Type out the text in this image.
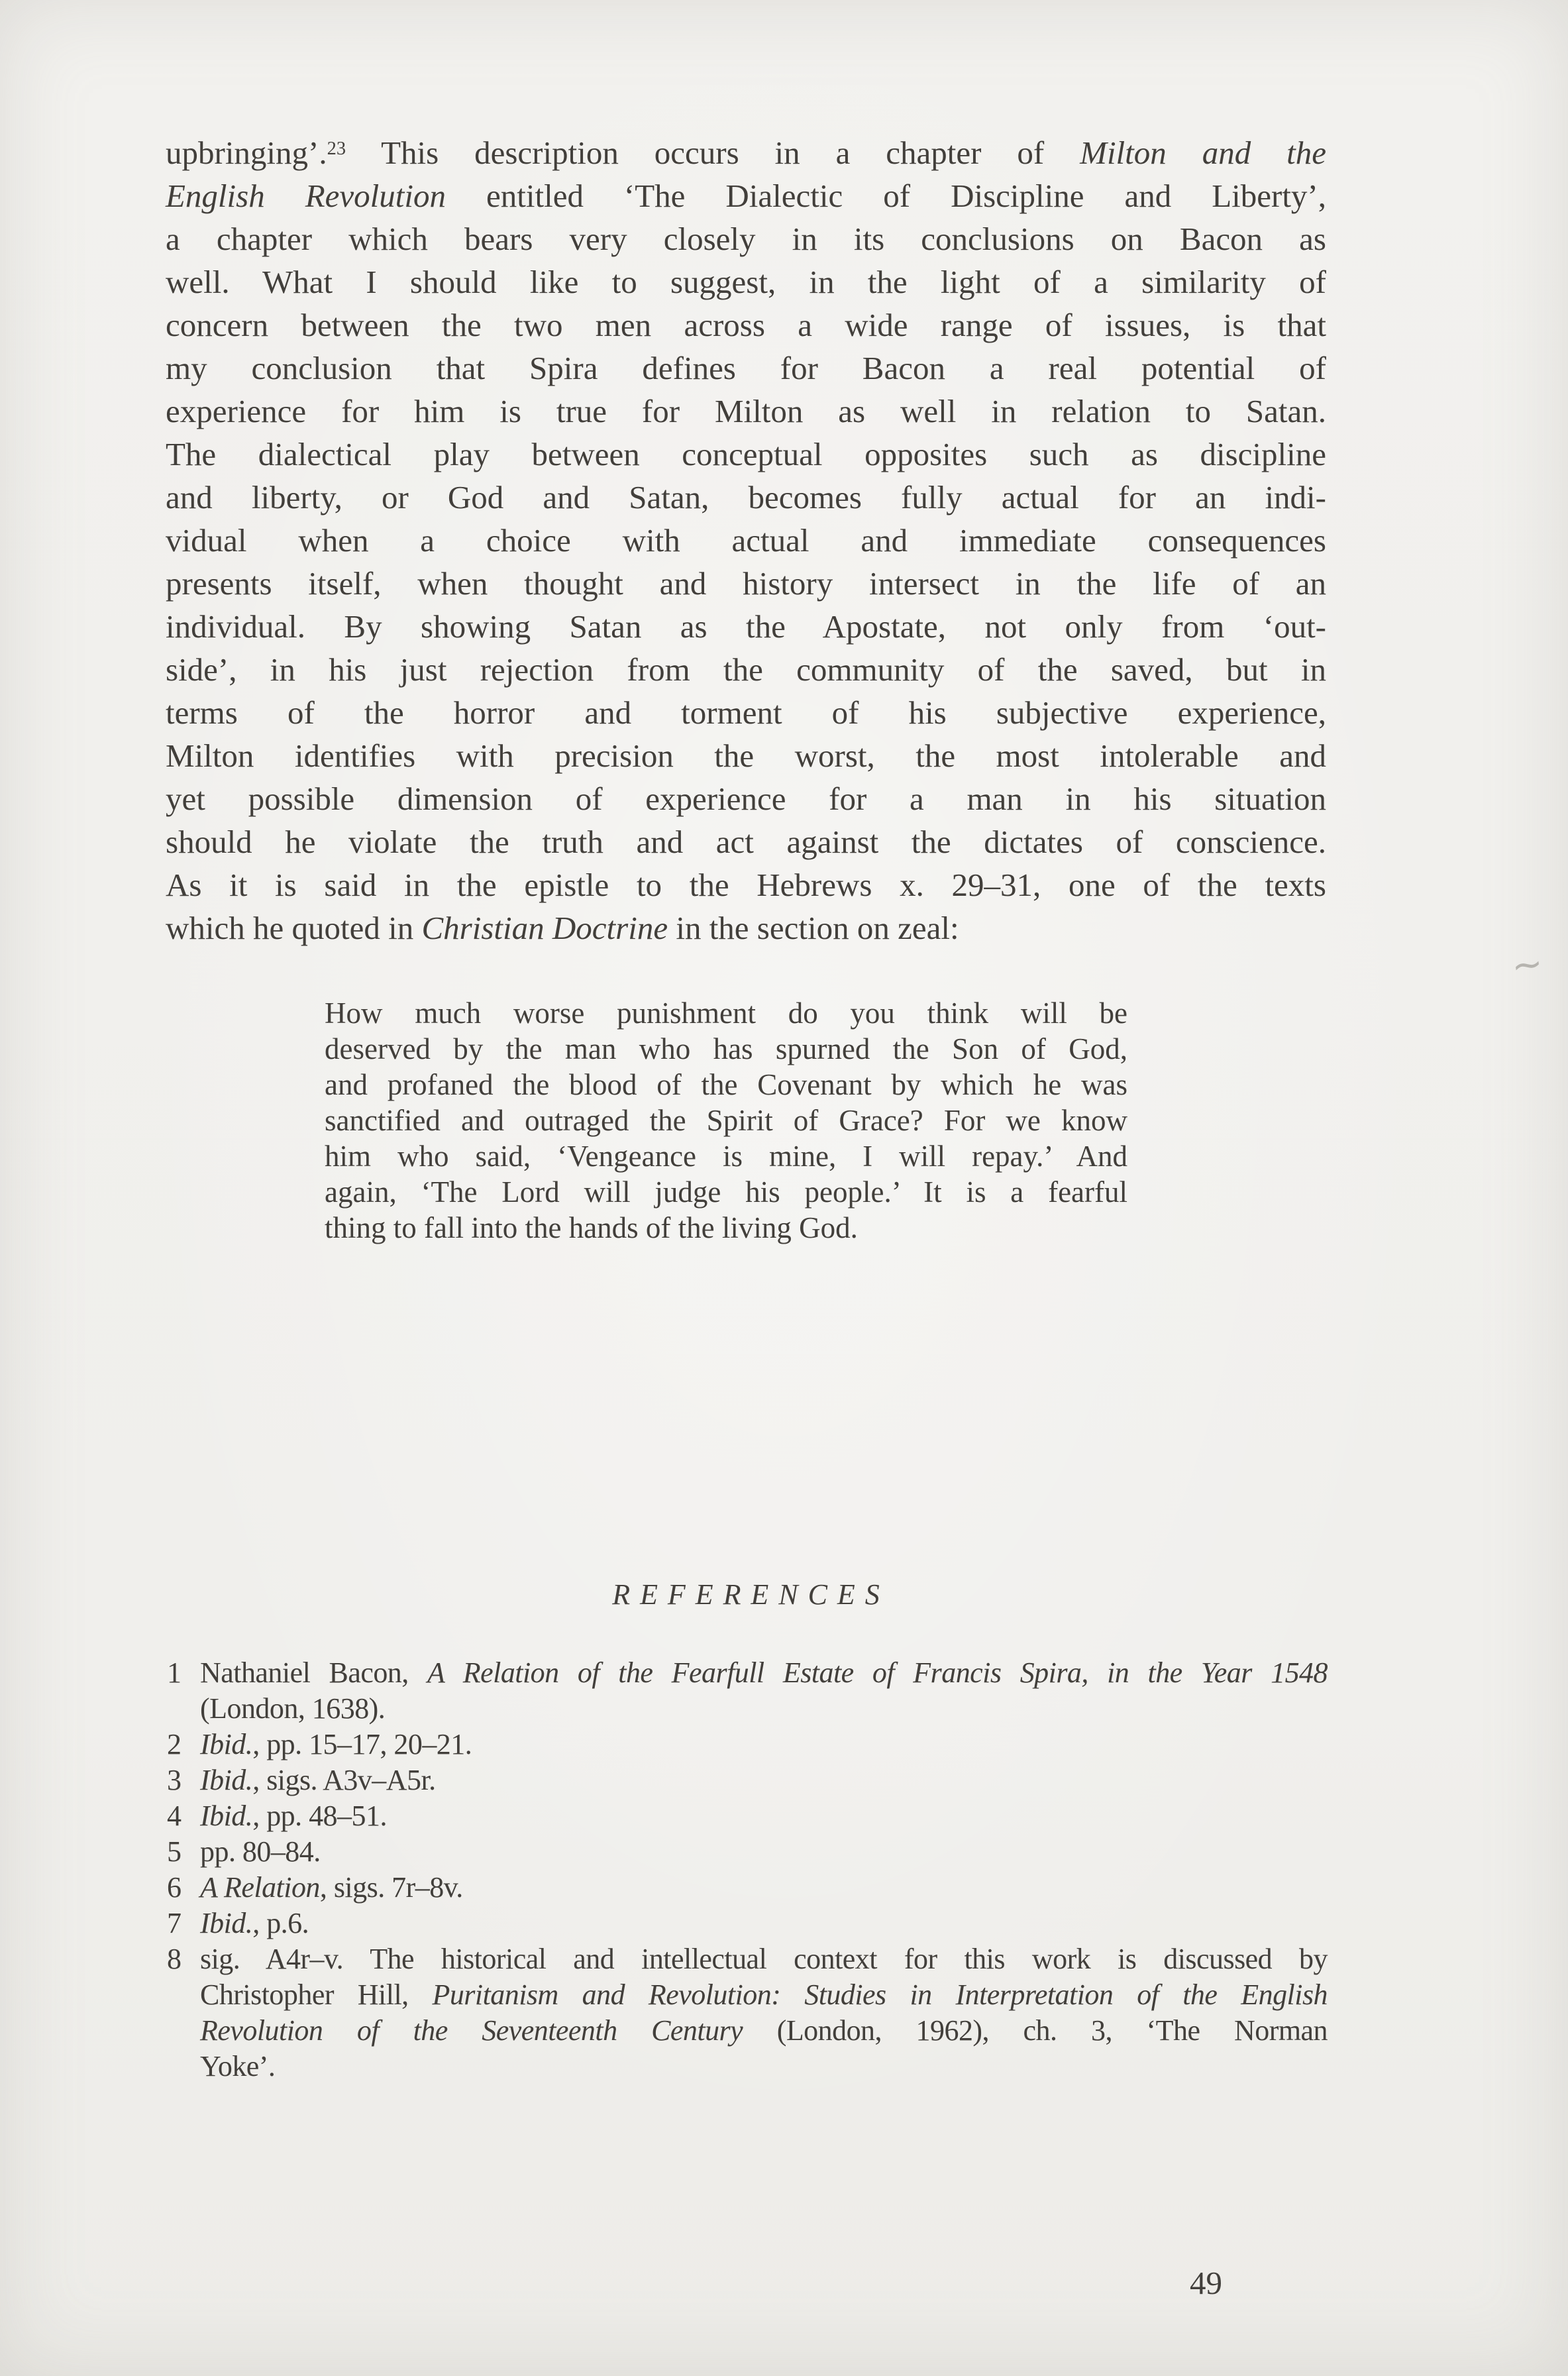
upbringing’.$^{23}$ This description occurs in a chapter of Milton and the
English Revolution entitled ‘The Dialectic of Discipline and Liberty’,
a chapter which bears very closely in its conclusions on Bacon as
well. What I should like to suggest, in the light of a similarity of
concern between the two men across a wide range of issues, is that
my conclusion that Spira defines for Bacon a real potential of
experience for him is true for Milton as well in relation to Satan.
The dialectical play between conceptual opposites such as discipline
and liberty, or God and Satan, becomes fully actual for an indi-
vidual when a choice with actual and immediate consequences
presents itself, when thought and history intersect in the life of an
individual. By showing Satan as the Apostate, not only from ‘out-
side’, in his just rejection from the community of the saved, but in
terms of the horror and torment of his subjective experience,
Milton identifies with precision the worst, the most intolerable and
yet possible dimension of experience for a man in his situation
should he violate the truth and act against the dictates of conscience.
As it is said in the epistle to the Hebrews x. 29–31, one of the texts
which he quoted in Christian Doctrine in the section on zeal:
~
How much worse punishment do you think will be
deserved by the man who has spurned the Son of God,
and profaned the blood of the Covenant by which he was
sanctified and outraged the Spirit of Grace? For we know
him who said, ‘Vengeance is mine, I will repay.’ And
again, ‘The Lord will judge his people.’ It is a fearful
thing to fall into the hands of the living God.
REFERENCES
1 Nathaniel Bacon, A Relation of the Fearfull Estate of Francis Spira, in the Year 1548
(London, 1638).
2 Ibid., pp. 15–17, 20–21.
3 Ibid., sigs. A3v–A5r.
4 Ibid., pp. 48–51.
5 pp. 80–84.
6 A Relation, sigs. 7r–8v.
7 Ibid., p.6.
8 sig. A4r–v. The historical and intellectual context for this work is discussed by
Christopher Hill, Puritanism and Revolution: Studies in Interpretation of the English
Revolution of the Seventeenth Century (London, 1962), ch. 3, ‘The Norman
Yoke’.
49
